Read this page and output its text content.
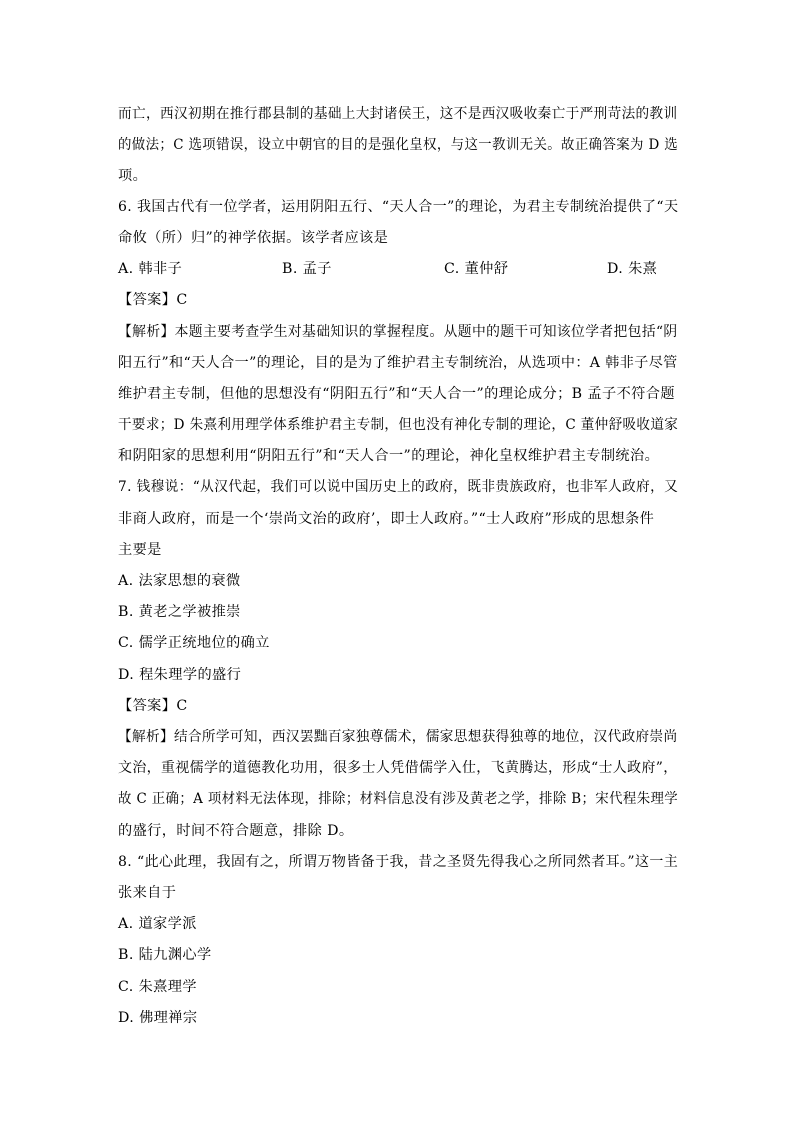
而亡，西汉初期在推行郡县制的基础上大封诸侯王，这不是西汉吸收秦亡于严刑苛法的教训
的做法；C 选项错误，设立中朝官的目的是强化皇权，与这一教训无关。故正确答案为 D 选
项。
6. 我国古代有一位学者，运用阴阳五行、“天人合一”的理论，为君主专制统治提供了“天
命攸（所）归”的神学依据。该学者应该是
A. 韩非子	B. 孟子	C. 董仲舒	D. 朱熹
【答案】C
【解析】本题主要考查学生对基础知识的掌握程度。从题中的题干可知该位学者把包括“阴
阳五行”和“天人合一”的理论，目的是为了维护君主专制统治，从选项中：A 韩非子尽管
维护君主专制，但他的思想没有“阴阳五行”和“天人合一”的理论成分；B 孟子不符合题
干要求；D 朱熹利用理学体系维护君主专制，但也没有神化专制的理论，C 董仲舒吸收道家
和阴阳家的思想利用“阴阳五行”和“天人合一”的理论，神化皇权维护君主专制统治。
7. 钱穆说：“从汉代起，我们可以说中国历史上的政府，既非贵族政府，也非军人政府，又
非商人政府，而是一个‘崇尚文治的政府’，即士人政府。”“士人政府”形成的思想条件
主要是
A. 法家思想的衰微
B. 黄老之学被推崇
C. 儒学正统地位的确立
D. 程朱理学的盛行
【答案】C
【解析】结合所学可知，西汉罢黜百家独尊儒术，儒家思想获得独尊的地位，汉代政府崇尚
文治，重视儒学的道德教化功用，很多士人凭借儒学入仕，飞黄腾达，形成“士人政府”，
故 C 正确；A 项材料无法体现，排除；材料信息没有涉及黄老之学，排除 B；宋代程朱理学
的盛行，时间不符合题意，排除 D。
8. “此心此理，我固有之，所谓万物皆备于我，昔之圣贤先得我心之所同然者耳。”这一主
张来自于
A. 道家学派
B. 陆九渊心学
C. 朱熹理学
D. 佛理禅宗
